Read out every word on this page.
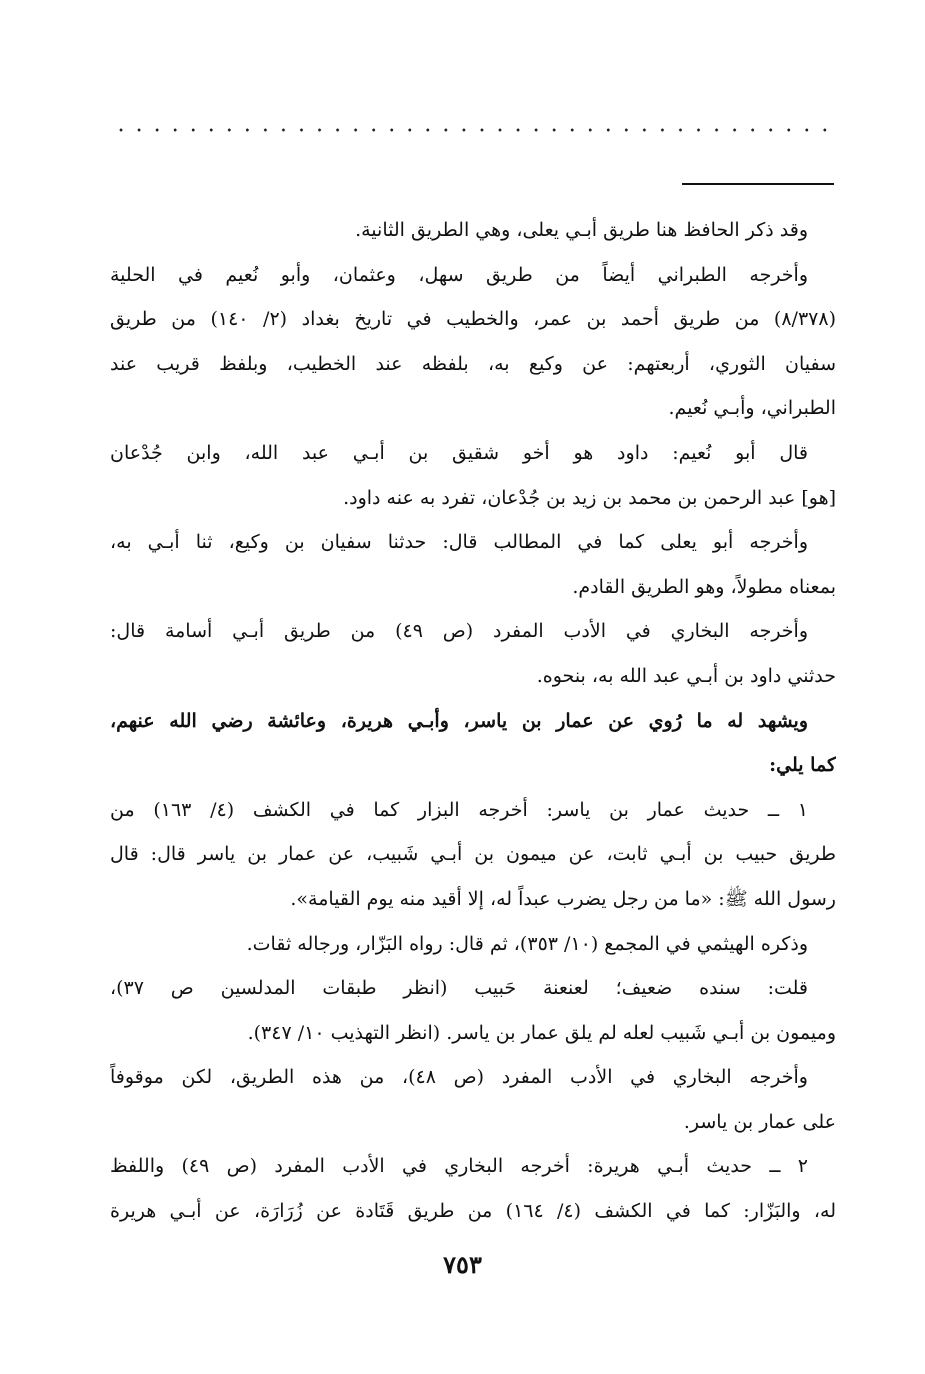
وقد ذكر الحافظ هنا طريق أبـي يعلى، وهي الطريق الثانية.
وأخرجه الطبراني أيضاً من طريق سهل، وعثمان، وأبو نُعيم في الحلية
(٨/٣٧٨) من طريق أحمد بن عمر، والخطيب في تاريخ بغداد (٢/ ١٤٠) من طريق
سفيان الثوري، أربعتهم: عن وكيع به، بلفظه عند الخطيب، وبلفظ قريب عند
الطبراني، وأبـي نُعيم.
قال أبو نُعيم: داود هو أخو شقيق بن أبـي عبد الله، وابن جُدْعان
[هو] عبد الرحمن بن محمد بن زيد بن جُدْعان، تفرد به عنه داود.
وأخرجه أبو يعلى كما في المطالب قال: حدثنا سفيان بن وكيع، ثنا أبـي به،
بمعناه مطولاً، وهو الطريق القادم.
وأخرجه البخاري في الأدب المفرد (ص ٤٩) من طريق أبـي أسامة قال:
حدثني داود بن أبـي عبد الله به، بنحوه.
ويشهد له ما رُوي عن عمار بن ياسر، وأبـي هريرة، وعائشة رضي الله عنهم،
كما يلي:
١ ــ حديث عمار بن ياسر: أخرجه البزار كما في الكشف (٤/ ١٦٣) من
طريق حبيب بن أبـي ثابت، عن ميمون بن أبـي شَبيب، عن عمار بن ياسر قال: قال
رسول الله ﷺ: «ما من رجل يضرب عبداً له، إلا أقيد منه يوم القيامة».
وذكره الهيثمي في المجمع (١٠/ ٣٥٣)، ثم قال: رواه البَزّار، ورجاله ثقات.
قلت: سنده ضعيف؛ لعنعنة حَبيب (انظر طبقات المدلسين ص ٣٧)،
وميمون بن أبـي شَبيب لعله لم يلق عمار بن ياسر. (انظر التهذيب ١٠/ ٣٤٧).
وأخرجه البخاري في الأدب المفرد (ص ٤٨)، من هذه الطريق، لكن موقوفاً
على عمار بن ياسر.
٢ ــ حديث أبـي هريرة: أخرجه البخاري في الأدب المفرد (ص ٤٩) واللفظ
له، والبَزّار: كما في الكشف (٤/ ١٦٤) من طريق قَتَادة عن زُرَارَة، عن أبـي هريرة
٧٥٣
